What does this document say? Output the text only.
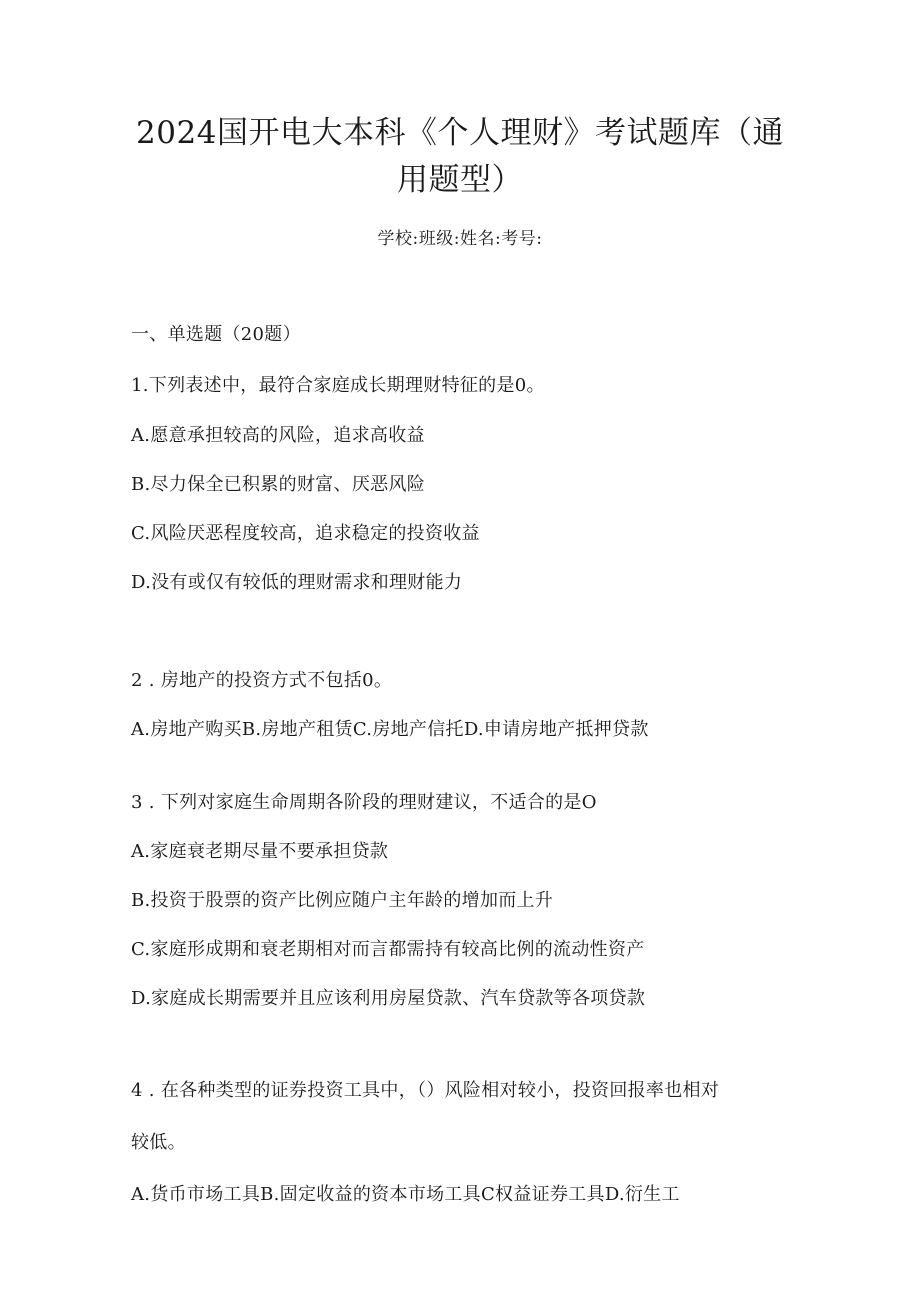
2024国开电大本科《个人理财》考试题库（通
用题型）
学校:班级:姓名:考号:
一、单选题（20题）
1.下列表述中，最符合家庭成长期理财特征的是0。
A.愿意承担较高的风险，追求高收益
B.尽力保全已积累的财富、厌恶风险
C.风险厌恶程度较高，追求稳定的投资收益
D.没有或仅有较低的理财需求和理财能力
2 . 房地产的投资方式不包括0。
A.房地产购买B.房地产租赁C.房地产信托D.申请房地产抵押贷款
3 . 下列对家庭生命周期各阶段的理财建议，不适合的是O
A.家庭衰老期尽量不要承担贷款
B.投资于股票的资产比例应随户主年龄的增加而上升
C.家庭形成期和衰老期相对而言都需持有较高比例的流动性资产
D.家庭成长期需要并且应该利用房屋贷款、汽车贷款等各项贷款
4 . 在各种类型的证券投资工具中，（）风险相对较小，投资回报率也相对
较低。
A.货币市场工具B.固定收益的资本市场工具C权益证券工具D.衍生工
